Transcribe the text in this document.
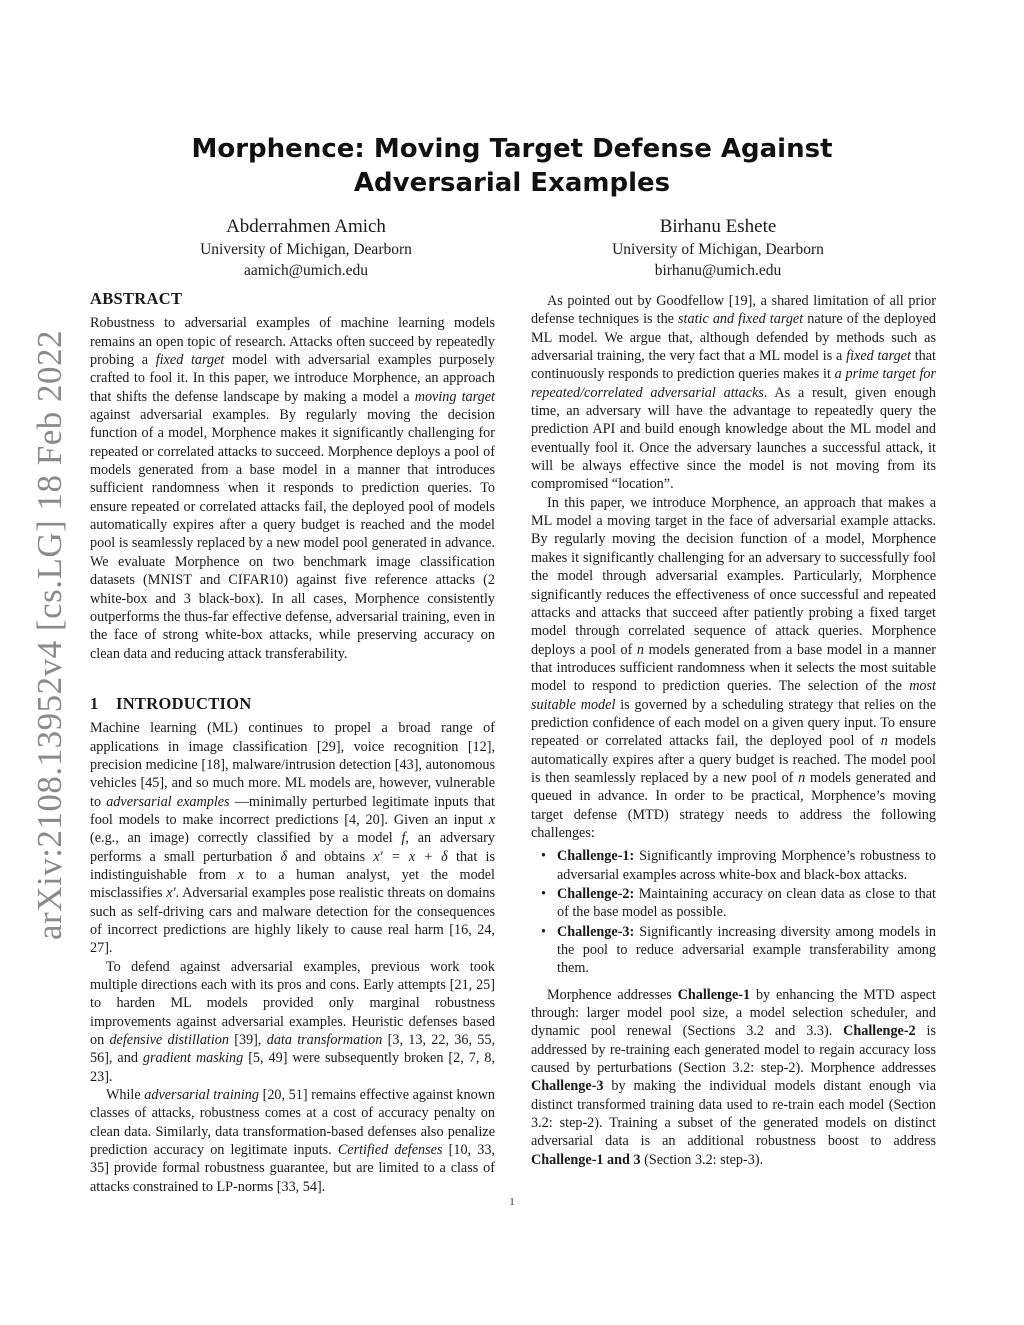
arXiv:2108.13952v4 [cs.LG] 18 Feb 2022
Morphence: Moving Target Defense Against Adversarial Examples
Abderrahmen Amich
University of Michigan, Dearborn
aamich@umich.edu
Birhanu Eshete
University of Michigan, Dearborn
birhanu@umich.edu
ABSTRACT

Robustness to adversarial examples of machine learning models remains an open topic of research. Attacks often succeed by repeatedly probing a fixed target model with adversarial examples purposely crafted to fool it. In this paper, we introduce Morphence, an approach that shifts the defense landscape by making a model a moving target against adversarial examples. By regularly moving the decision function of a model, Morphence makes it significantly challenging for repeated or correlated attacks to succeed. Morphence deploys a pool of models generated from a base model in a manner that introduces sufficient randomness when it responds to prediction queries. To ensure repeated or correlated attacks fail, the deployed pool of models automatically expires after a query budget is reached and the model pool is seamlessly replaced by a new model pool generated in advance. We evaluate Morphence on two benchmark image classification datasets (MNIST and CIFAR10) against five reference attacks (2 white-box and 3 black-box). In all cases, Morphence consistently outperforms the thus-far effective defense, adversarial training, even in the face of strong white-box attacks, while preserving accuracy on clean data and reducing attack transferability.

1 INTRODUCTION

Machine learning (ML) continues to propel a broad range of applications in image classification [29], voice recognition [12], precision medicine [18], malware/intrusion detection [43], autonomous vehicles [45], and so much more. ML models are, however, vulnerable to adversarial examples —minimally perturbed legitimate inputs that fool models to make incorrect predictions [4, 20]. Given an input x (e.g., an image) correctly classified by a model f, an adversary performs a small perturbation δ and obtains x′ = x + δ that is indistinguishable from x to a human analyst, yet the model misclassifies x′. Adversarial examples pose realistic threats on domains such as self-driving cars and malware detection for the consequences of incorrect predictions are highly likely to cause real harm [16, 24, 27].

To defend against adversarial examples, previous work took multiple directions each with its pros and cons. Early attempts [21, 25] to harden ML models provided only marginal robustness improvements against adversarial examples. Heuristic defenses based on defensive distillation [39], data transformation [3, 13, 22, 36, 55, 56], and gradient masking [5, 49] were subsequently broken [2, 7, 8, 23].

While adversarial training [20, 51] remains effective against known classes of attacks, robustness comes at a cost of accuracy penalty on clean data. Similarly, data transformation-based defenses also penalize prediction accuracy on legitimate inputs. Certified defenses [10, 33, 35] provide formal robustness guarantee, but are limited to a class of attacks constrained to LP-norms [33, 54].

As pointed out by Goodfellow [19], a shared limitation of all prior defense techniques is the static and fixed target nature of the deployed ML model. We argue that, although defended by methods such as adversarial training, the very fact that a ML model is a fixed target that continuously responds to prediction queries makes it a prime target for repeated/correlated adversarial attacks. As a result, given enough time, an adversary will have the advantage to repeatedly query the prediction API and build enough knowledge about the ML model and eventually fool it. Once the adversary launches a successful attack, it will be always effective since the model is not moving from its compromised “location”.

In this paper, we introduce Morphence, an approach that makes a ML model a moving target in the face of adversarial example attacks. By regularly moving the decision function of a model, Morphence makes it significantly challenging for an adversary to successfully fool the model through adversarial examples. Particularly, Morphence significantly reduces the effectiveness of once successful and repeated attacks and attacks that succeed after patiently probing a fixed target model through correlated sequence of attack queries. Morphence deploys a pool of n models generated from a base model in a manner that introduces sufficient randomness when it selects the most suitable model to respond to prediction queries. The selection of the most suitable model is governed by a scheduling strategy that relies on the prediction confidence of each model on a given query input. To ensure repeated or correlated attacks fail, the deployed pool of n models automatically expires after a query budget is reached. The model pool is then seamlessly replaced by a new pool of n models generated and queued in advance. In order to be practical, Morphence’s moving target defense (MTD) strategy needs to address the following challenges:

• Challenge-1: Significantly improving Morphence’s robustness to adversarial examples across white-box and black-box attacks.
• Challenge-2: Maintaining accuracy on clean data as close to that of the base model as possible.
• Challenge-3: Significantly increasing diversity among models in the pool to reduce adversarial example transferability among them.

Morphence addresses Challenge-1 by enhancing the MTD aspect through: larger model pool size, a model selection scheduler, and dynamic pool renewal (Sections 3.2 and 3.3). Challenge-2 is addressed by re-training each generated model to regain accuracy loss caused by perturbations (Section 3.2: step-2). Morphence addresses Challenge-3 by making the individual models distant enough via distinct transformed training data used to re-train each model (Section 3.2: step-2). Training a subset of the generated models on distinct adversarial data is an additional robustness boost to address Challenge-1 and 3 (Section 3.2: step-3).

1
